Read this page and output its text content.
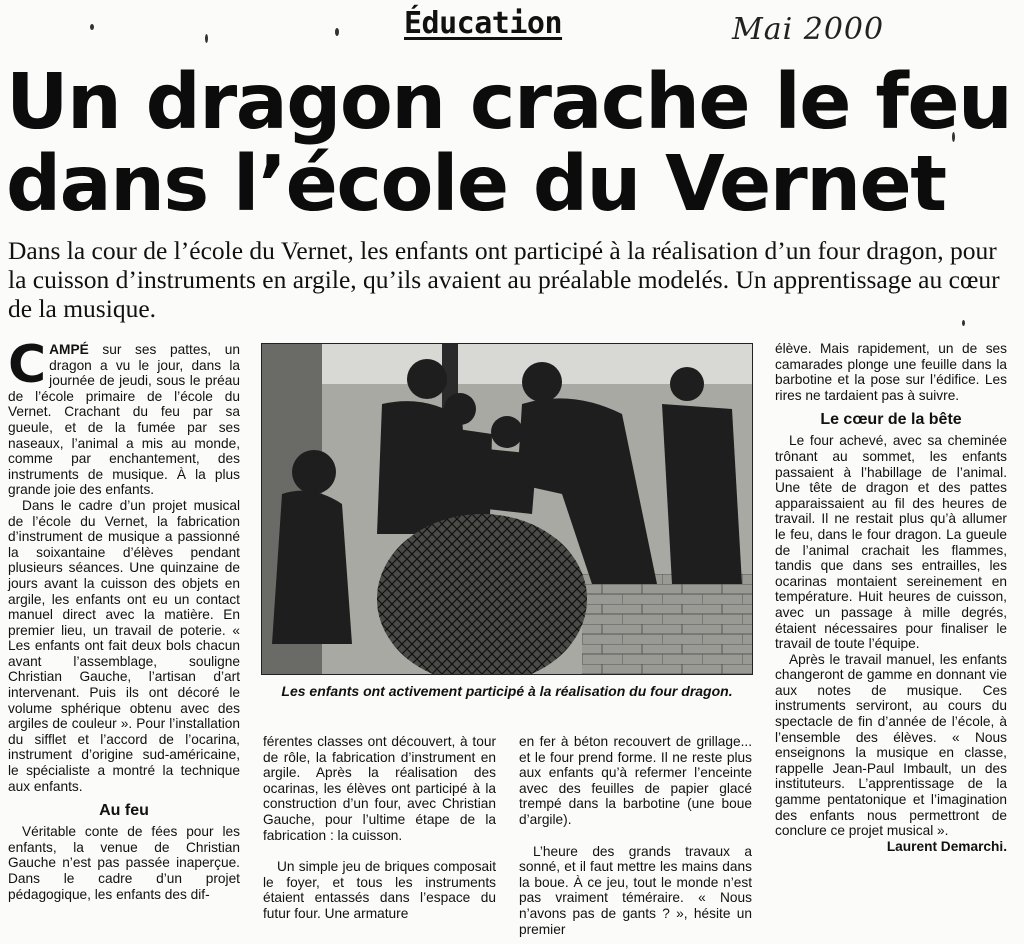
Éducation	Mai 2000
Un dragon crache le feu dans l’école du Vernet

Dans la cour de l’école du Vernet, les enfants ont participé à la réalisation d’un four dragon, pour la cuisson d’instruments en argile, qu’ils avaient au préalable modelés. Un apprentissage au cœur de la musique.

CAMPÉ sur ses pattes, un dragon a vu le jour, dans la journée de jeudi, sous le préau de l’école primaire de l’école du Vernet. Crachant du feu par sa gueule, et de la fumée par ses naseaux, l’animal a mis au monde, comme par enchantement, des instruments de musique. À la plus grande joie des enfants.

Dans le cadre d’un projet musical de l’école du Vernet, la fabrication d’instrument de musique a passionné la soixantaine d’élèves pendant plusieurs séances. Une quinzaine de jours avant la cuisson des objets en argile, les enfants ont eu un contact manuel direct avec la matière. En premier lieu, un travail de poterie. « Les enfants ont fait deux bols chacun avant l’assemblage, souligne Christian Gauche, l’artisan d’art intervenant. Puis ils ont décoré le volume sphérique obtenu avec des argiles de couleur ». Pour l’installation du sifflet et l’accord de l’ocarina, instrument d’origine sud-américaine, le spécialiste a montré la technique aux enfants.

Au feu

Véritable conte de fées pour les enfants, la venue de Christian Gauche n’est pas passée inaperçue. Dans le cadre d’un projet pédagogique, les enfants des dif-

Les enfants ont activement participé à la réalisation du four dragon.

férentes classes ont découvert, à tour de rôle, la fabrication d’instrument en argile. Après la réalisation des ocarinas, les élèves ont participé à la construction d’un four, avec Christian Gauche, pour l’ultime étape de la fabrication : la cuisson.

Un simple jeu de briques composait le foyer, et tous les instruments étaient entassés dans l’espace du futur four. Une armature

en fer à béton recouvert de grillage... et le four prend forme. Il ne reste plus aux enfants qu’à refermer l’enceinte avec des feuilles de papier glacé trempé dans la barbotine (une boue d’argile).

L’heure des grands travaux a sonné, et il faut mettre les mains dans la boue. À ce jeu, tout le monde n’est pas vraiment téméraire. « Nous n’avons pas de gants ? », hésite un premier

élève. Mais rapidement, un de ses camarades plonge une feuille dans la barbotine et la pose sur l’édifice. Les rires ne tardaient pas à suivre.

Le cœur de la bête

Le four achevé, avec sa cheminée trônant au sommet, les enfants passaient à l’habillage de l’animal. Une tête de dragon et des pattes apparaissaient au fil des heures de travail. Il ne restait plus qu’à allumer le feu, dans le four dragon. La gueule de l’animal crachait les flammes, tandis que dans ses entrailles, les ocarinas montaient sereinement en température. Huit heures de cuisson, avec un passage à mille degrés, étaient nécessaires pour finaliser le travail de toute l’équipe.

Après le travail manuel, les enfants changeront de gamme en donnant vie aux notes de musique. Ces instruments serviront, au cours du spectacle de fin d’année de l’école, à l’ensemble des élèves. « Nous enseignons la musique en classe, rappelle Jean-Paul Imbault, un des instituteurs. L’apprentissage de la gamme pentatonique et l’imagination des enfants nous permettront de conclure ce projet musical ».

Laurent Demarchi.
